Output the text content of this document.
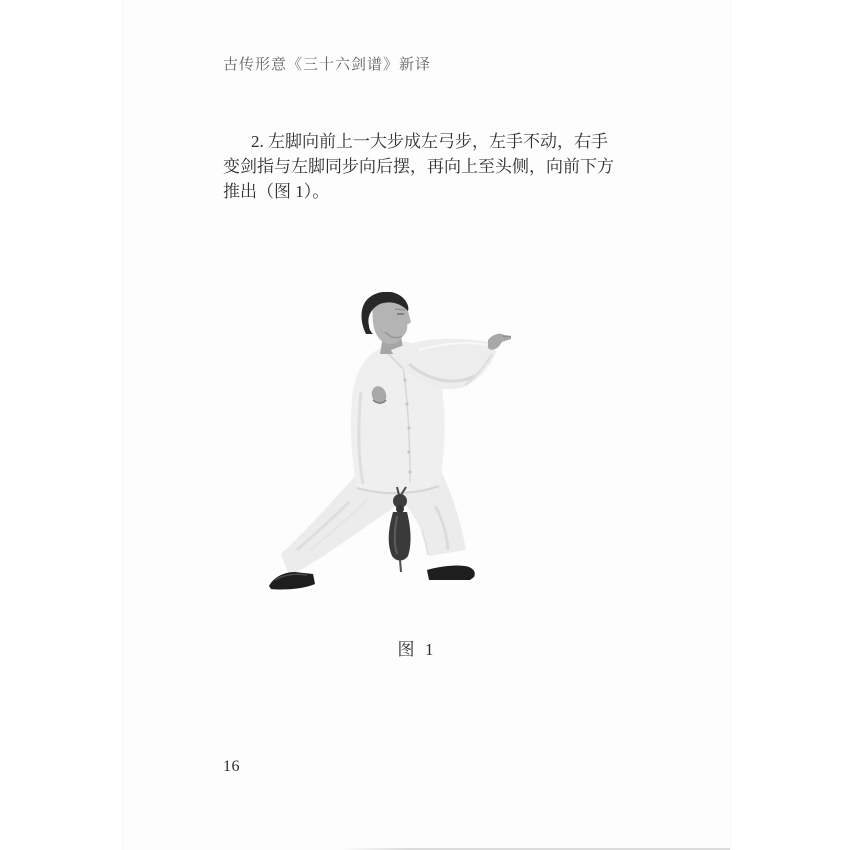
古传形意《三十六剑谱》新译
2. 左脚向前上一大步成左弓步，左手不动，右手
变剑指与左脚同步向后摆，再向上至头侧，向前下方
推出（图 1）。
图 1
16
